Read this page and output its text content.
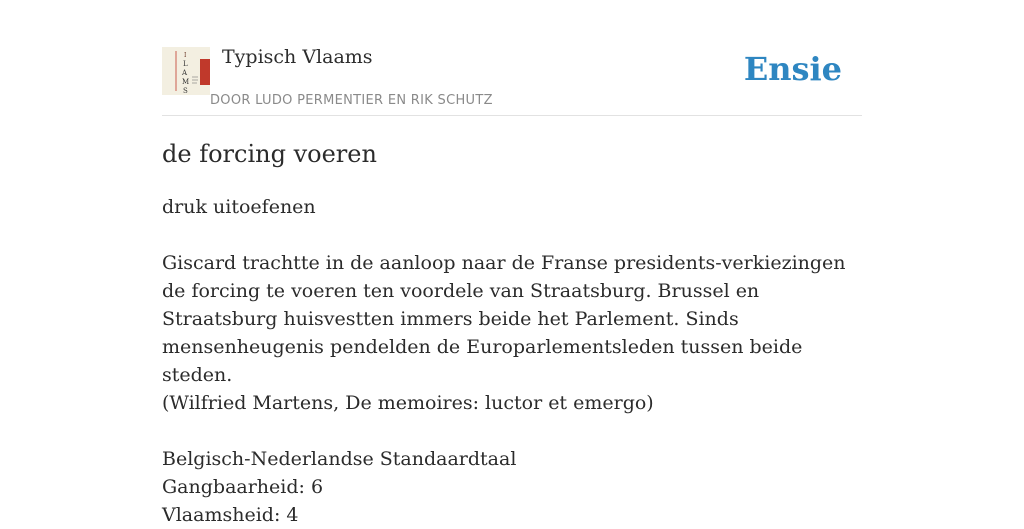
I
L
A
M
S
Typisch Vlaams
DOOR LUDO PERMENTIER EN RIK SCHUTZ
Ensie
de forcing voeren

druk uitoefenen

Giscard trachtte in de aanloop naar de Franse presidents-verkiezingen de forcing te voeren ten voordele van Straatsburg. Brussel en Straatsburg huisvestten immers beide het Parlement. Sinds mensenheugenis pendelden de Europarlementsleden tussen beide steden.

(Wilfried Martens, De memoires: luctor et emergo)

Belgisch-Nederlandse Standaardtaal

Gangbaarheid: 6

Vlaamsheid: 4
